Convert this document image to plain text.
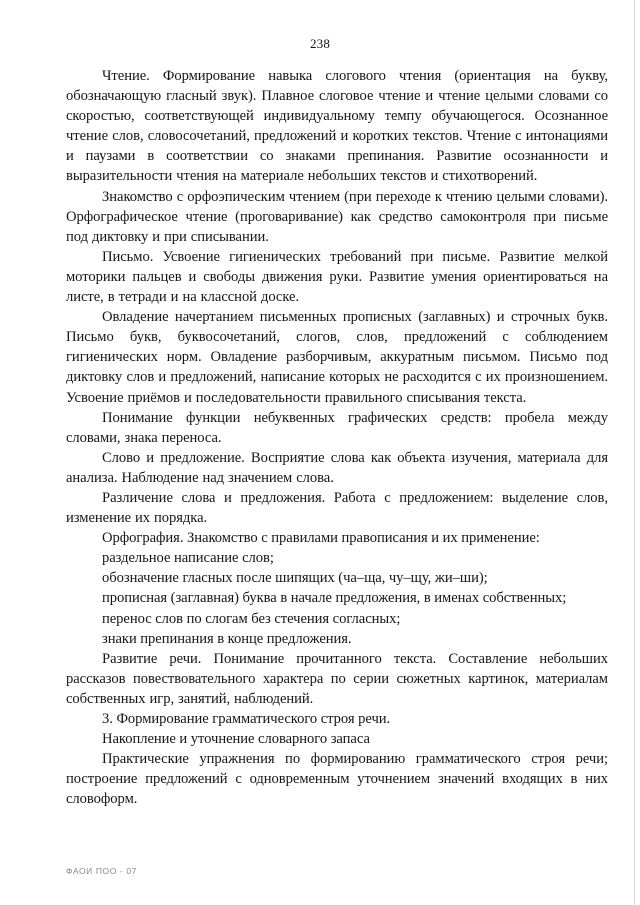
238

Чтение. Формирование навыка слогового чтения (ориентация на букву, обозначающую гласный звук). Плавное слоговое чтение и чтение целыми словами со скоростью, соответствующей индивидуальному темпу обучающегося. Осознанное чтение слов, словосочетаний, предложений и коротких текстов. Чтение с интонациями и паузами в соответствии со знаками препинания. Развитие осознанности и выразительности чтения на материале небольших текстов и стихотворений.

Знакомство с орфоэпическим чтением (при переходе к чтению целыми словами). Орфографическое чтение (проговаривание) как средство самоконтроля при письме под диктовку и при списывании.

Письмо. Усвоение гигиенических требований при письме. Развитие мелкой моторики пальцев и свободы движения руки. Развитие умения ориентироваться на листе, в тетради и на классной доске.

Овладение начертанием письменных прописных (заглавных) и строчных букв. Письмо букв, буквосочетаний, слогов, слов, предложений с соблюдением гигиенических норм. Овладение разборчивым, аккуратным письмом. Письмо под диктовку слов и предложений, написание которых не расходится с их произношением. Усвоение приёмов и последовательности правильного списывания текста.

Понимание функции небуквенных графических средств: пробела между словами, знака переноса.

Слово и предложение. Восприятие слова как объекта изучения, материала для анализа. Наблюдение над значением слова.

Различение слова и предложения. Работа с предложением: выделение слов, изменение их порядка.

Орфография. Знакомство с правилами правописания и их применение:

раздельное написание слов;

обозначение гласных после шипящих (ча–ща, чу–щу, жи–ши);

прописная (заглавная) буква в начале предложения, в именах собственных;

перенос слов по слогам без стечения согласных;

знаки препинания в конце предложения.

Развитие речи. Понимание прочитанного текста. Составление небольших рассказов повествовательного характера по серии сюжетных картинок, материалам собственных игр, занятий, наблюдений.

3. Формирование грамматического строя речи.

Накопление и уточнение словарного запаса

Практические упражнения по формированию грамматического строя речи; построение предложений с одновременным уточнением значений входящих в них словоформ.

ФАОИ ПОО - 07
